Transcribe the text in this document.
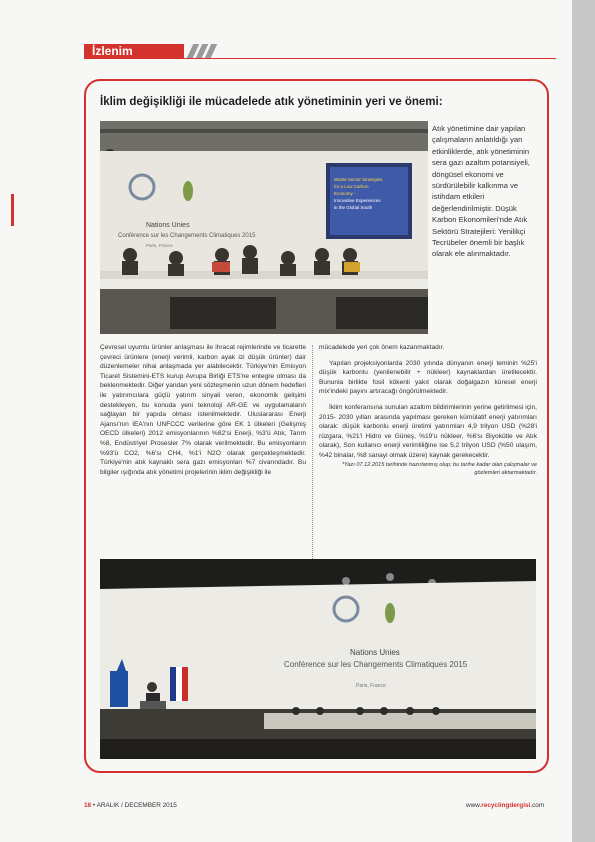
İzlenim
İklim değişikliği ile mücadelede atık yönetiminin yeri ve önemi:
Nations Unies
Conférence sur les Changements Climatiques 2015
Paris, France
Waste Sector Strategies
for a Low Carbon
Economy -
Innovative Experiences
in the Global South
Atık yönetimine dair yapılan çalışmaların anlatıldığı yan etkinliklerde, atık yönetiminin sera gazı azaltım potansiyeli, döngüsel ekonomi ve sürdürülebilir kalkınma ve istihdam etkileri değerlendirilmiştir. Düşük Karbon Ekonomileri'nde Atık Sektörü Stratejileri: Yenilikçi Tecrübeler önemli bir başlık olarak ele alınmaktadır.

Çevresel uyumlu ürünler anlaşması ile ihracat rejimlerinde ve ticarette çevreci ürünlere (enerji verimli, karbon ayak izi düşük ürünler) dair düzenlemeler nihai anlaşmada yer alabilecektir. Türkiye'nin Emisyon Ticaret Sistemini-ETS kurup Avrupa Birliği ETS'ne entegre olması da beklenmektedir. Diğer yandan yeni sözleşmenin uzun dönem hedefleri ile yatırımcılara güçlü yatırım sinyali veren, ekonomik gelişimi destekleyen, bu konuda yeni teknoloji AR-GE ve uygulamaların sağlayan bir yapıda olması istenilmektedir. Uluslararası Enerji Ajansı'nın IEA'nın UNFCCC verilerine göre EK 1 ülkeleri (Gelişmiş OECD ülkeleri) 2012 emisyonlarının %82'si Enerji, %3'ü Atık, Tarım %8, Endüstriyel Prosesler 7% olarak verilmektedir. Bu emisyonların %93'ü CO2, %6'sı CH4, %1'i N2O olarak gerçekleşmektedir. Türkiye'nin atık kaynaklı sera gazı emisyonları %7 civarındadır. Bu bilgiler ışığında atık yönetimi projelerinin iklim değişikliği ile

mücadelede yeri çok önem kazanmaktadır.

Yapılan projeksiyonlarda 2030 yılında dünyanın enerji teminin %25'i düşük karbonlu (yenilenebilir + nükleer) kaynaklardan üretilecektir. Bununla birlikte fosil kökenli yakıt olarak doğalgazın küresel enerji mix'indeki payını artıracağı öngörülmektedir.

İklim konferansına sunulan azaltım bildirimlerinin yerine getirilmesi için, 2015- 2030 yılları arasında yapılması gereken kümülatif enerji yatırımları olarak: düşük karbonlu enerji üretimi yatırımları 4,9 trilyon USD (%28'i rüzgara, %21'i Hidro ve Güneş, %19'u nükleer, %6'sı Biyokütle ve Atık olarak), Son kullanıcı enerji verimliliğine ise 5,2 trilyon USD (%50 ulaşım, %42 binalar, %8 sanayi olmak üzere) kaynak gerekecektir.

*Yazı 07.12.2015 tarihinde hazırlanmış olup; bu tarihe kadar olan çalışmalar ve gözlemleri aktarmaktadır.

Nations Unies
Conférence sur les Changements Climatiques 2015
Paris, France
18 • ARALIK / DECEMBER 2015	www.recyclingdergisi.com
